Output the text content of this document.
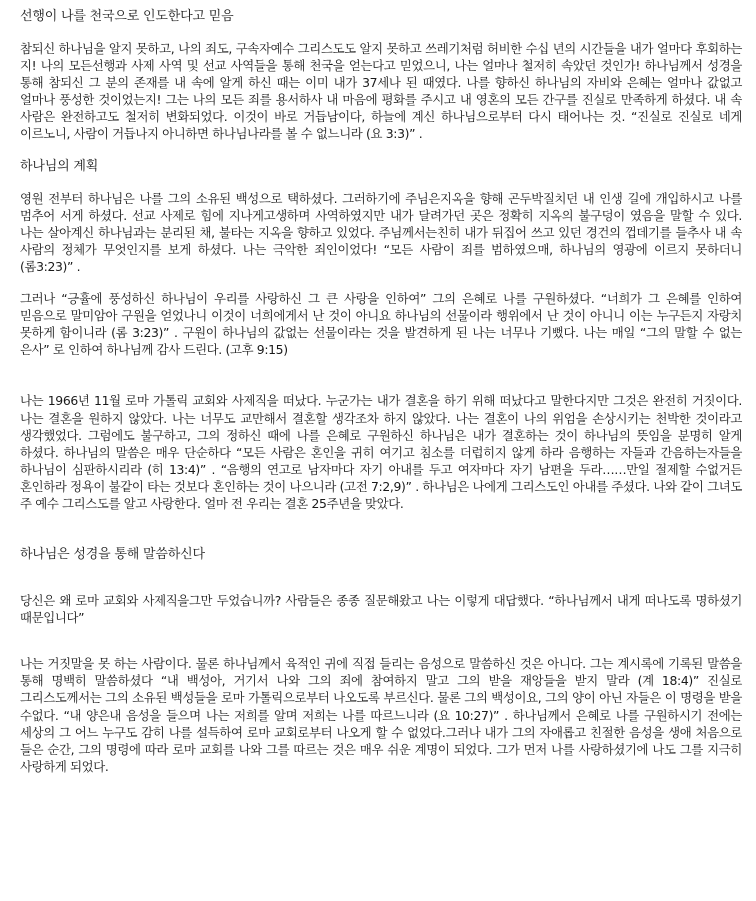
선행이 나를 천국으로 인도한다고 믿음

참되신 하나님을 알지 못하고, 나의 죄도, 구속자예수 그리스도도 알지 못하고 쓰레기처럼 허비한 수십 년의 시간들을 내가 얼마다 후회하는 지! 나의 모든선행과 사제 사역 및 선교 사역들을 통해 천국을 얻는다고 믿었으니, 나는 얼마나 철저히 속았던 것인가! 하나님께서 성경을 통해 참되신 그 분의 존재를 내 속에 알게 하신 때는 이미 내가 37세나 된 때였다. 나를 향하신 하나님의 자비와 은혜는 얼마나 값없고 얼마나 풍성한 것이었는지! 그는 나의 모든 죄를 용서하사 내 마음에 평화를 주시고 내 영혼의 모든 간구를 진실로 만족하게 하셨다. 내 속 사람은 완전하고도 철저히 변화되었다. 이것이 바로 거듭남이다, 하늘에 계신 하나님으로부터 다시 태어나는 것. “진실로 진실로 네게 이르노니, 사람이 거듭나지 아니하면 하나님나라를 볼 수 없느니라 (요 3:3)” .

하나님의 계획

영원 전부터 하나님은 나를 그의 소유된 백성으로 택하셨다. 그러하기에 주님은지옥을 향해 곤두박질치던 내 인생 길에 개입하시고 나를 멈추어 서게 하셨다. 선교 사제로 힘에 지나게고생하며 사역하였지만 내가 달려가던 곳은 정확히 지옥의 불구덩이 였음을 말할 수 있다. 나는 살아계신 하나님과는 분리된 채, 불타는 지옥을 향하고 있었다. 주님께서는친히 내가 뒤집어 쓰고 있던 경건의 껍데기를 들추사 내 속 사람의 정체가 무엇인지를 보게 하셨다. 나는 극악한 죄인이었다! “모든 사람이 죄를 범하였으매, 하나님의 영광에 이르지 못하더니 (롬3:23)” .

그러나 “긍휼에 풍성하신 하나님이 우리를 사랑하신 그 큰 사랑을 인하여” 그의 은혜로 나를 구원하셨다. “너희가 그 은혜를 인하여 믿음으로 말미암아 구원을 얻었나니 이것이 너희에게서 난 것이 아니요 하나님의 선물이라 행위에서 난 것이 아니니 이는 누구든지 자랑치 못하게 함이니라 (롬 3:23)” . 구원이 하나님의 값없는 선물이라는 것을 발견하게 된 나는 너무나 기뻤다. 나는 매일 “그의 말할 수 없는 은사” 로 인하여 하나님께 감사 드린다. (고후 9:15)

나는 1966년 11월 로마 가톨릭 교회와 사제직을 떠났다. 누군가는 내가 결혼을 하기 위해 떠났다고 말한다지만 그것은 완전히 거짓이다.나는 결혼을 원하지 않았다. 나는 너무도 교만해서 결혼할 생각조차 하지 않았다. 나는 결혼이 나의 위엄을 손상시키는 천박한 것이라고 생각했었다. 그럼에도 불구하고, 그의 정하신 때에 나를 은혜로 구원하신 하나님은 내가 결혼하는 것이 하나님의 뜻임을 분명히 알게 하셨다. 하나님의 말씀은 매우 단순하다 “모든 사람은 혼인을 귀히 여기고 침소를 더럽히지 않게 하라 음행하는 자들과 간음하는자들을 하나님이 심판하시리라 (히 13:4)” . “음행의 연고로 남자마다 자기 아내를 두고 여자마다 자기 남편을 두라……만일 절제할 수없거든 혼인하라 정욕이 불같이 타는 것보다 혼인하는 것이 나으니라 (고전 7:2,9)” . 하나님은 나에게 그리스도인 아내를 주셨다. 나와 같이 그녀도 주 예수 그리스도를 알고 사랑한다. 얼마 전 우리는 결혼 25주년을 맞았다.

하나님은 성경을 통해 말씀하신다

당신은 왜 로마 교회와 사제직을그만 두었습니까? 사람들은 종종 질문해왔고 나는 이렇게 대답했다. “하나님께서 내게 떠나도록 명하셨기 때문입니다”

나는 거짓말을 못 하는 사람이다. 물론 하나님께서 육적인 귀에 직접 들리는 음성으로 말씀하신 것은 아니다. 그는 계시록에 기록된 말씀을 통해 명백히 말씀하셨다 “내 백성아, 거기서 나와 그의 죄에 참여하지 말고 그의 받을 재앙들을 받지 말라 (계 18:4)” 진실로 그리스도께서는 그의 소유된 백성들을 로마 가톨릭으로부터 나오도록 부르신다. 물론 그의 백성이요, 그의 양이 아닌 자들은 이 명령을 받을 수없다. “내 양은내 음성을 들으며 나는 저희를 알며 저희는 나를 따르느니라 (요 10:27)” . 하나님께서 은혜로 나를 구원하시기 전에는 세상의 그 어느 누구도 감히 나를 설득하여 로마 교회로부터 나오게 할 수 없었다.그러나 내가 그의 자애롭고 친절한 음성을 생애 처음으로 들은 순간, 그의 명령에 따라 로마 교회를 나와 그를 따르는 것은 매우 쉬운 계명이 되었다. 그가 먼저 나를 사랑하셨기에 나도 그를 지극히 사랑하게 되었다.
